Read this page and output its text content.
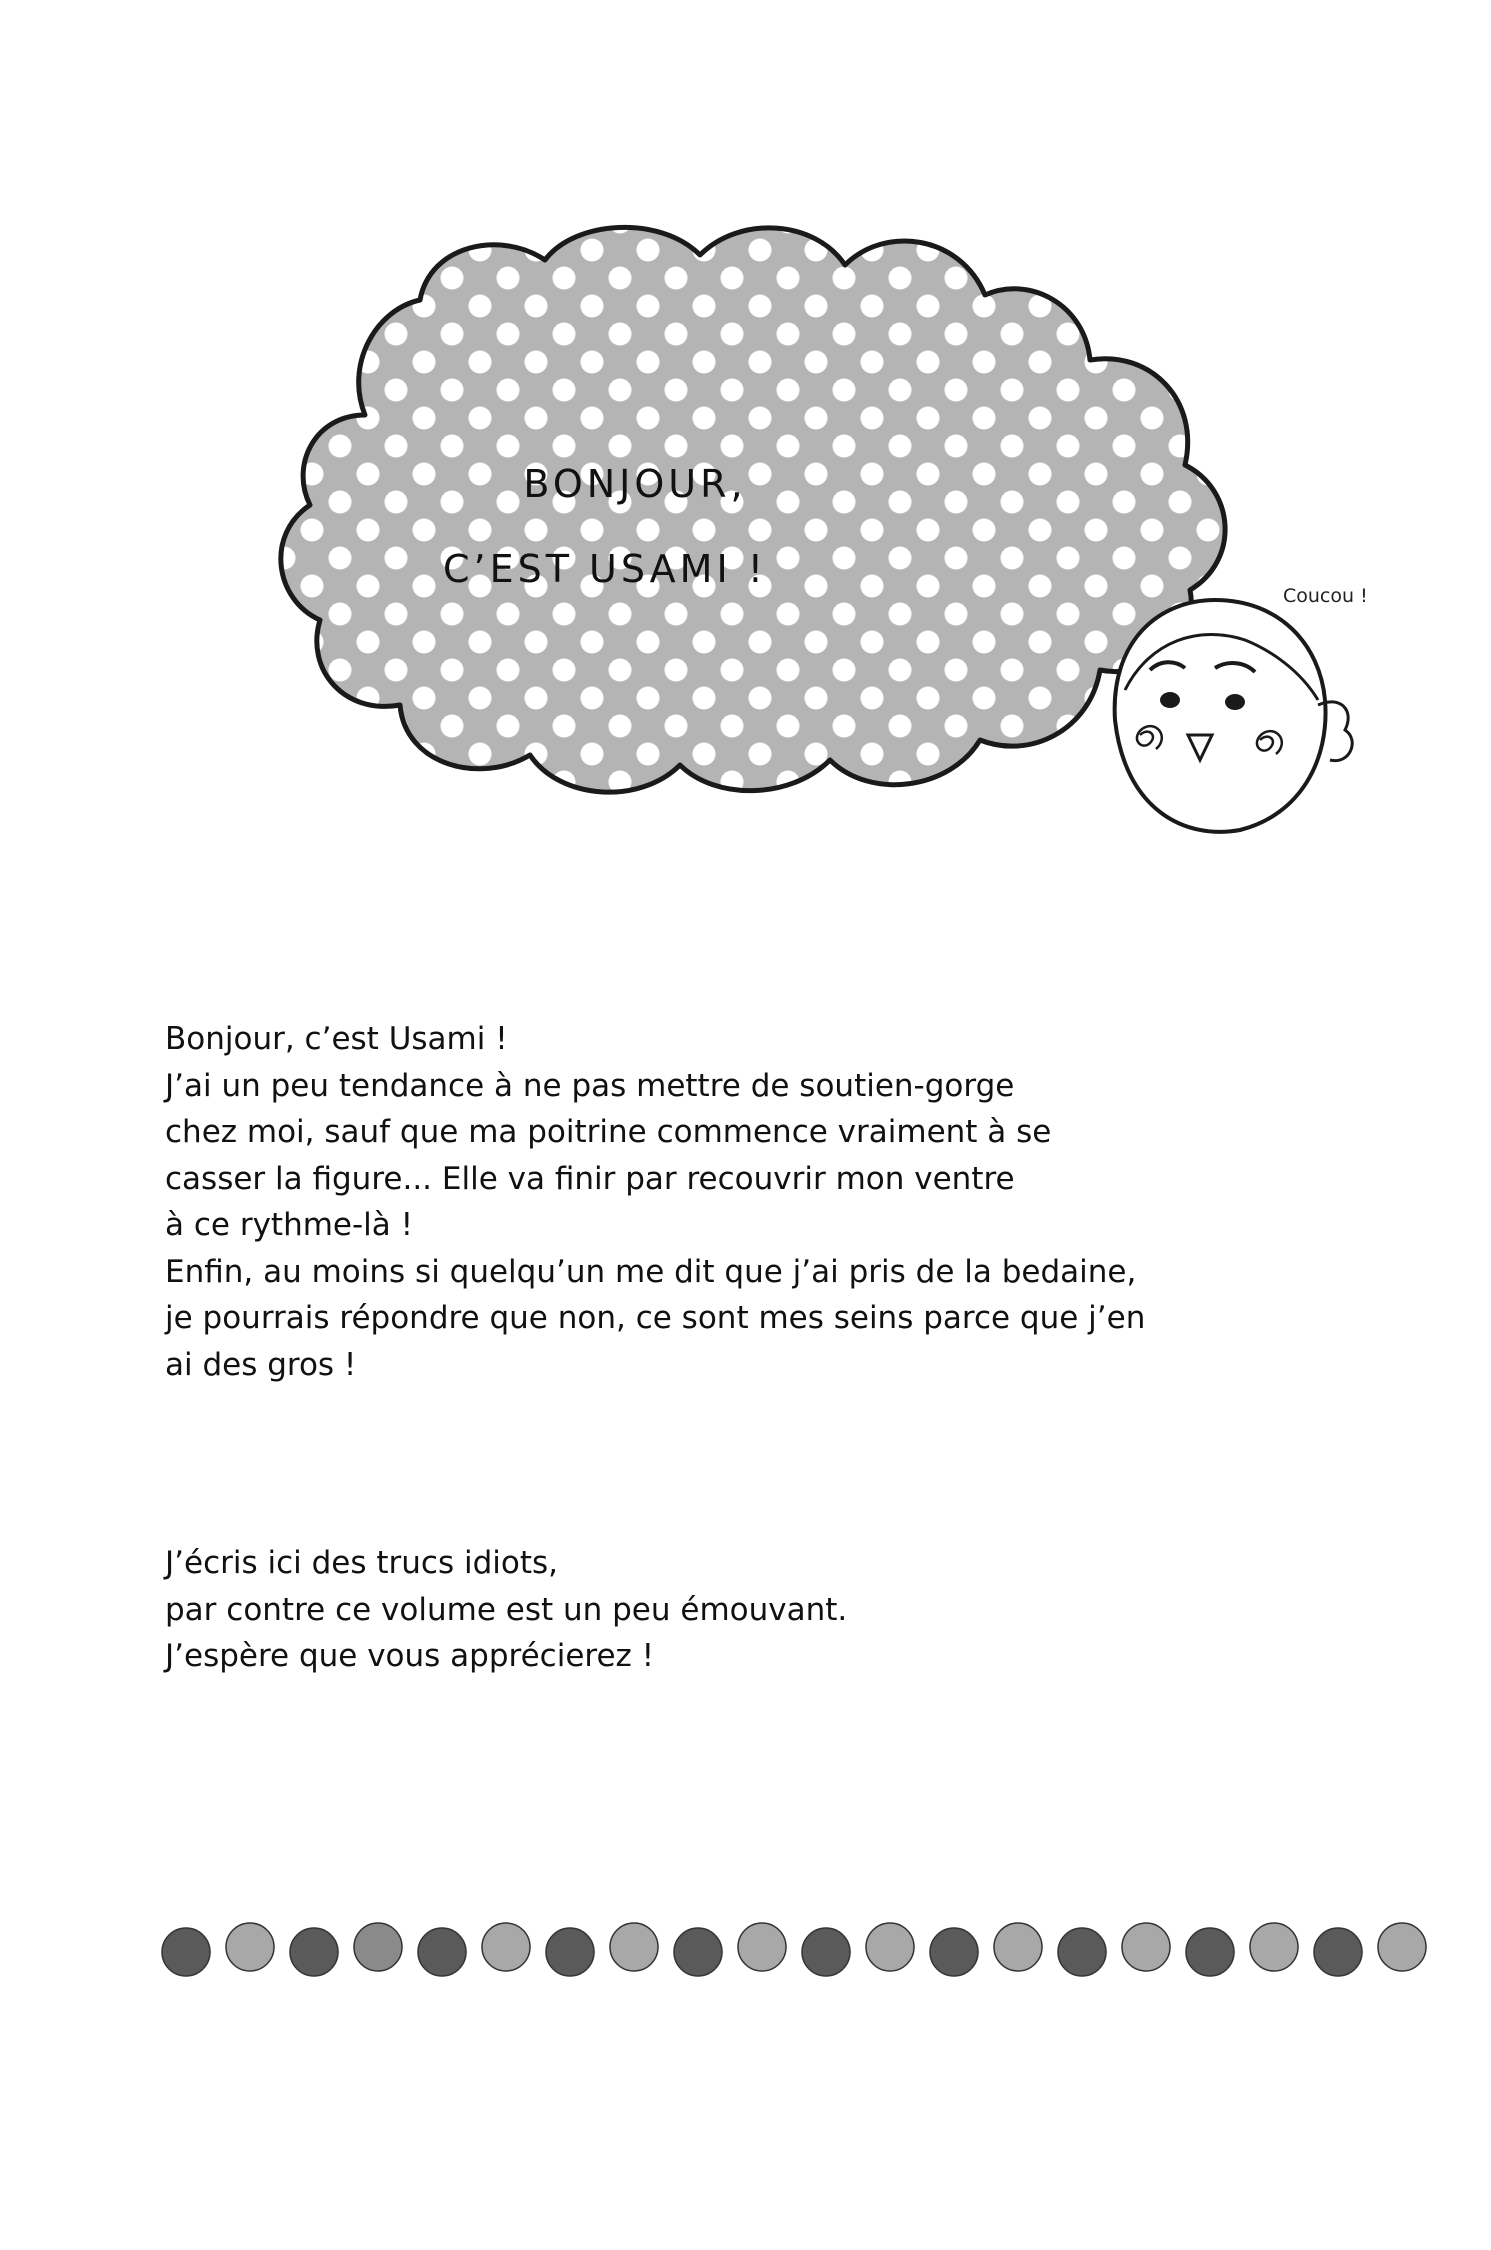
BONJOUR,
C’EST USAMI !
Coucou !
Bonjour, c’est Usami !
J’ai un peu tendance à ne pas mettre de soutien-gorge
chez moi, sauf que ma poitrine commence vraiment à se
casser la figure... Elle va finir par recouvrir mon ventre
à ce rythme-là !
Enfin, au moins si quelqu’un me dit que j’ai pris de la bedaine,
je pourrais répondre que non, ce sont mes seins parce que j’en
ai des gros !
J’écris ici des trucs idiots,
par contre ce volume est un peu émouvant.
J’espère que vous apprécierez !
